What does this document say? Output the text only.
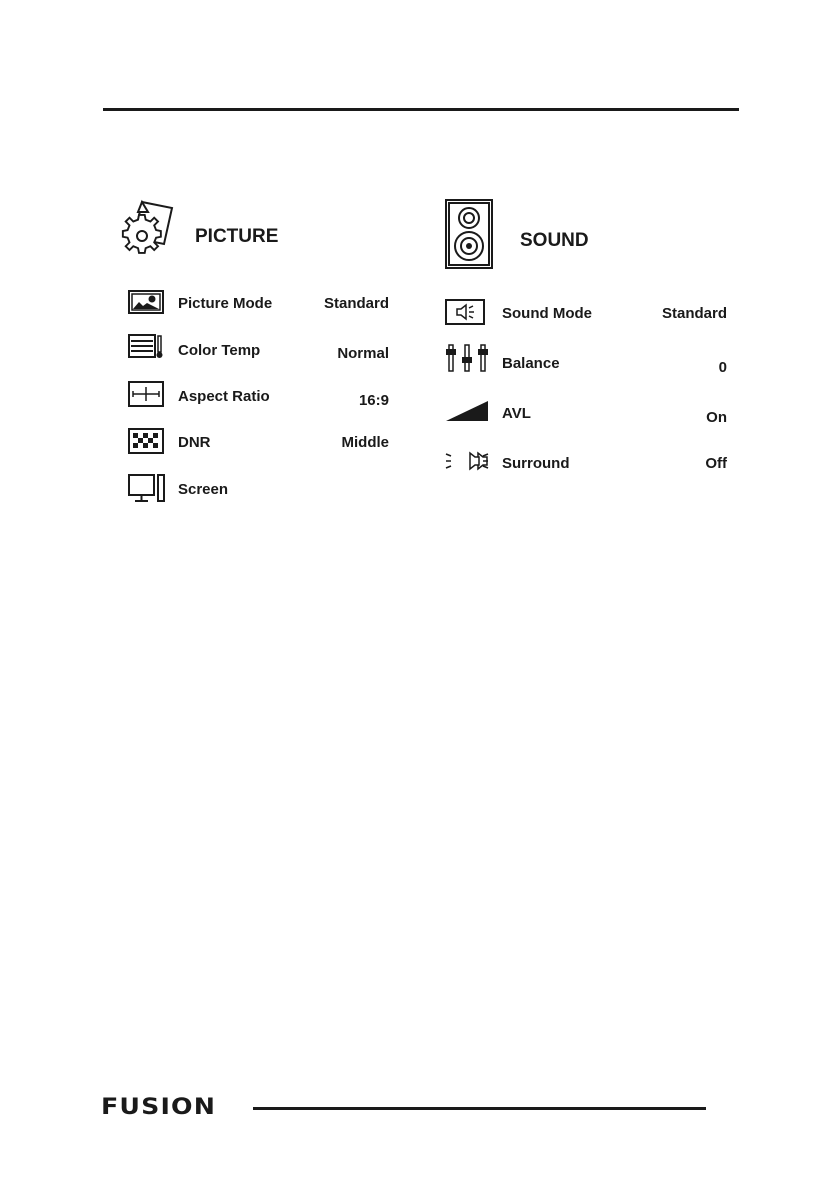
PICTURE
Picture Mode	Standard
Color Temp	Normal
Aspect Ratio	16:9
DNR	Middle
Screen
SOUND
Sound Mode	Standard
Balance	0
AVL	On
Surround	Off
FUSION
